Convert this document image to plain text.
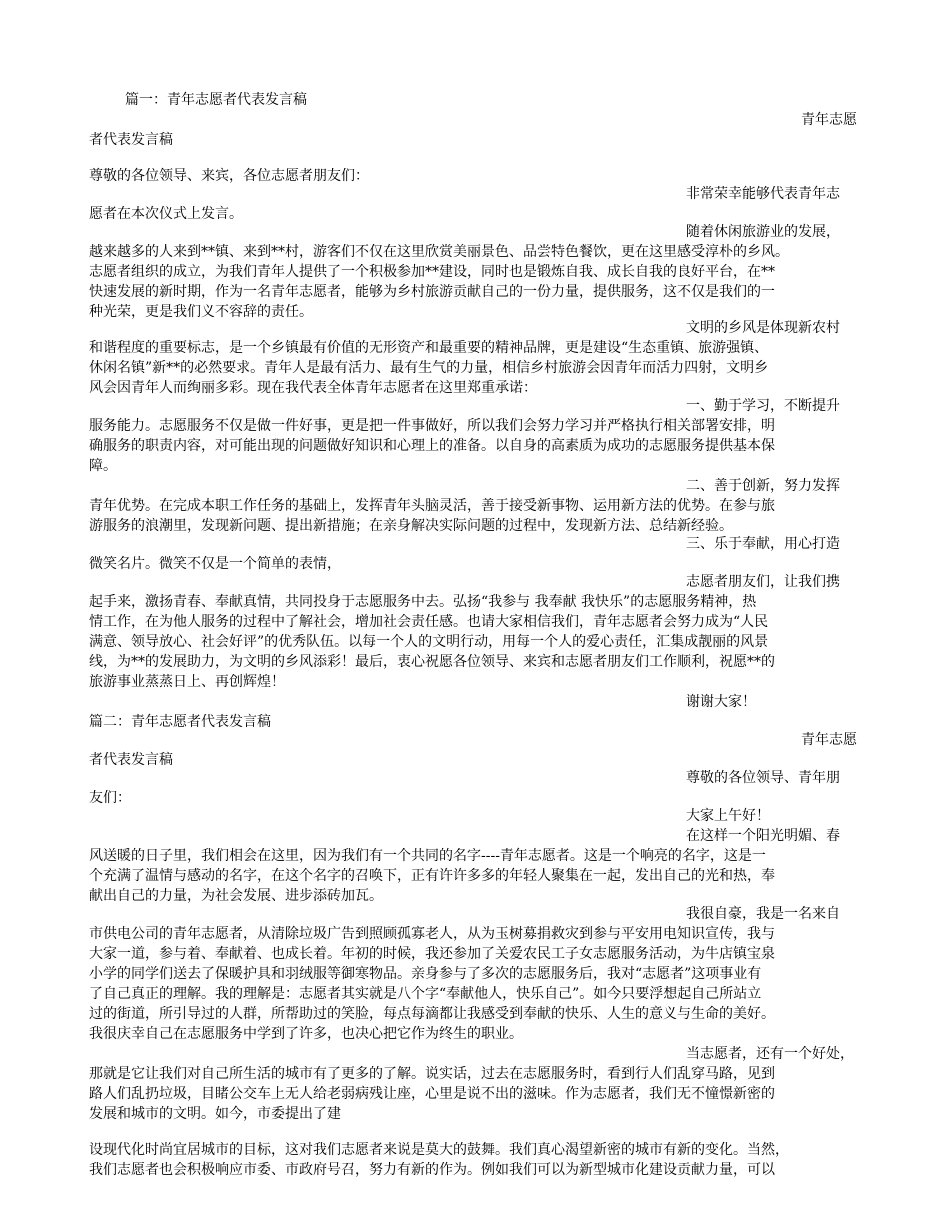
篇一：青年志愿者代表发言稿
青年志愿
者代表发言稿
尊敬的各位领导、来宾，各位志愿者朋友们：
非常荣幸能够代表青年志
愿者在本次仪式上发言。
随着休闲旅游业的发展，
越来越多的人来到**镇、来到**村，游客们不仅在这里欣赏美丽景色、品尝特色餐饮，更在这里感受淳朴的乡风。
志愿者组织的成立，为我们青年人提供了一个积极参加**建设，同时也是锻炼自我、成长自我的良好平台，在**
快速发展的新时期，作为一名青年志愿者，能够为乡村旅游贡献自己的一份力量，提供服务，这不仅是我们的一
种光荣，更是我们义不容辞的责任。
文明的乡风是体现新农村
和谐程度的重要标志，是一个乡镇最有价值的无形资产和最重要的精神品牌，更是建设“生态重镇、旅游强镇、
休闲名镇”新**的必然要求。青年人是最有活力、最有生气的力量，相信乡村旅游会因青年而活力四射，文明乡
风会因青年人而绚丽多彩。现在我代表全体青年志愿者在这里郑重承诺：
一、勤于学习，不断提升
服务能力。志愿服务不仅是做一件好事，更是把一件事做好，所以我们会努力学习并严格执行相关部署安排，明
确服务的职责内容，对可能出现的问题做好知识和心理上的准备。以自身的高素质为成功的志愿服务提供基本保
障。
二、善于创新，努力发挥
青年优势。在完成本职工作任务的基础上，发挥青年头脑灵活，善于接受新事物、运用新方法的优势。在参与旅
游服务的浪潮里，发现新问题、提出新措施；在亲身解决实际问题的过程中，发现新方法、总结新经验。
三、乐于奉献，用心打造
微笑名片。微笑不仅是一个简单的表情，
志愿者朋友们，让我们携
起手来，激扬青春、奉献真情，共同投身于志愿服务中去。弘扬“我参与 我奉献 我快乐”的志愿服务精神，热
情工作，在为他人服务的过程中了解社会，增加社会责任感。也请大家相信我们，青年志愿者会努力成为“人民
满意、领导放心、社会好评”的优秀队伍。以每一个人的文明行动，用每一个人的爱心责任，汇集成靓丽的风景
线，为**的发展助力，为文明的乡风添彩！最后，衷心祝愿各位领导、来宾和志愿者朋友们工作顺利，祝愿**的
旅游事业蒸蒸日上、再创辉煌！
谢谢大家！
篇二：青年志愿者代表发言稿
青年志愿
者代表发言稿
尊敬的各位领导、青年朋
友们：
大家上午好！
在这样一个阳光明媚、春
风送暖的日子里，我们相会在这里，因为我们有一个共同的名字----青年志愿者。这是一个响亮的名字，这是一
个充满了温情与感动的名字，在这个名字的召唤下，正有许许多多的年轻人聚集在一起，发出自己的光和热，奉
献出自己的力量，为社会发展、进步添砖加瓦。
我很自豪，我是一名来自
市供电公司的青年志愿者，从清除垃圾广告到照顾孤寡老人，从为玉树募捐救灾到参与平安用电知识宣传，我与
大家一道，参与着、奉献着、也成长着。年初的时候，我还参加了关爱农民工子女志愿服务活动，为牛店镇宝泉
小学的同学们送去了保暖护具和羽绒服等御寒物品。亲身参与了多次的志愿服务后，我对“志愿者”这项事业有
了自己真正的理解。我的理解是：志愿者其实就是八个字“奉献他人，快乐自己”。如今只要浮想起自己所站立
过的街道，所引导过的人群，所帮助过的笑脸，每点每滴都让我感受到奉献的快乐、人生的意义与生命的美好。
我很庆幸自己在志愿服务中学到了许多，也决心把它作为终生的职业。
当志愿者，还有一个好处，
那就是它让我们对自己所生活的城市有了更多的了解。说实话，过去在志愿服务时，看到行人们乱穿马路，见到
路人们乱扔垃圾，目睹公交车上无人给老弱病残让座，心里是说不出的滋味。作为志愿者，我们无不憧憬新密的
发展和城市的文明。如今，市委提出了建
设现代化时尚宜居城市的目标，这对我们志愿者来说是莫大的鼓舞。我们真心渴望新密的城市有新的变化。当然，
我们志愿者也会积极响应市委、市政府号召，努力有新的作为。例如我们可以为新型城市化建设贡献力量，可以
